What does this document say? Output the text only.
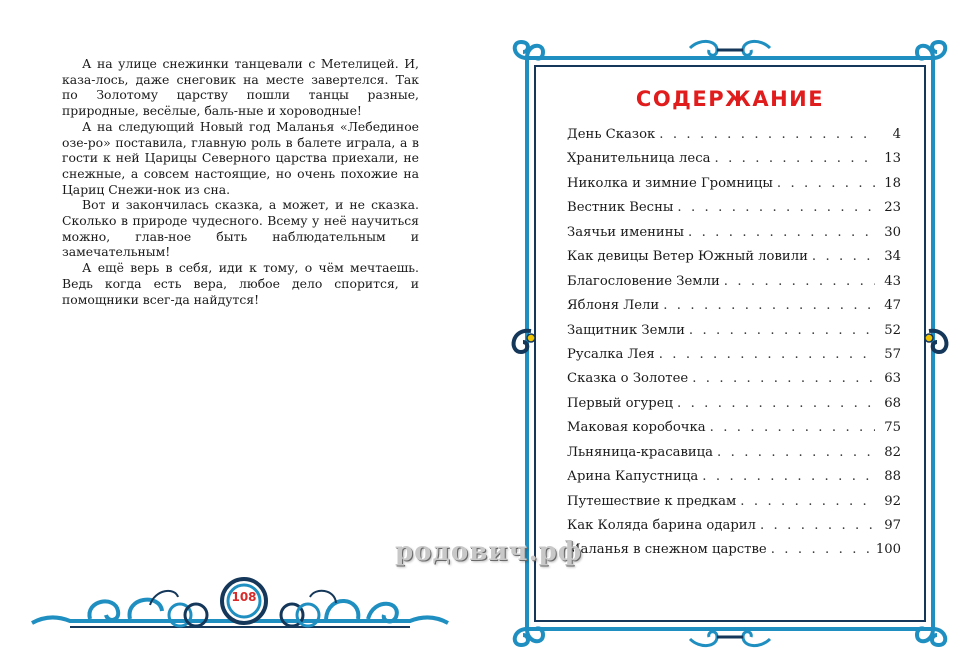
А на улице снежинки танцевали с Метелицей. И, каза-лось, даже снеговик на месте завертелся. Так по Золотому царству пошли танцы разные, природные, весёлые, баль-ные и хороводные!

А на следующий Новый год Маланья «Лебединое озе-ро» поставила, главную роль в балете играла, а в гости к ней Царицы Северного царства приехали, не снежные, а совсем настоящие, но очень похожие на Цариц Снежи-нок из сна.

Вот и закончилась сказка, а может, и не сказка. Сколько в природе чудесного. Всему у неё научиться можно, глав-ное быть наблюдательным и замечательным!

А ещё верь в себя, иди к тому, о чём мечтаешь. Ведь когда есть вера, любое дело спорится, и помощники всег-да найдутся!

108
СОДЕРЖАНИЕ
День Сказок . . .	4
Хранительница леса . . .	13
Николка и зимние Громницы . . .	18
Вестник Весны . . .	23
Заячьи именины . . .	30
Как девицы Ветер Южный ловили . . .	34
Благословение Земли . . .	43
Яблоня Лели . . .	47
Защитник Земли . . .	52
Русалка Лея . . .	57
Сказка о Золотее . . .	63
Первый огурец . . .	68
Маковая коробочка . . .	75
Льняница-красавица . . .	82
Арина Капустница . . .	88
Путешествие к предкам . . .	92
Как Коляда барина одарил . . .	97
Маланья в снежном царстве . . .	100
родович.рф
